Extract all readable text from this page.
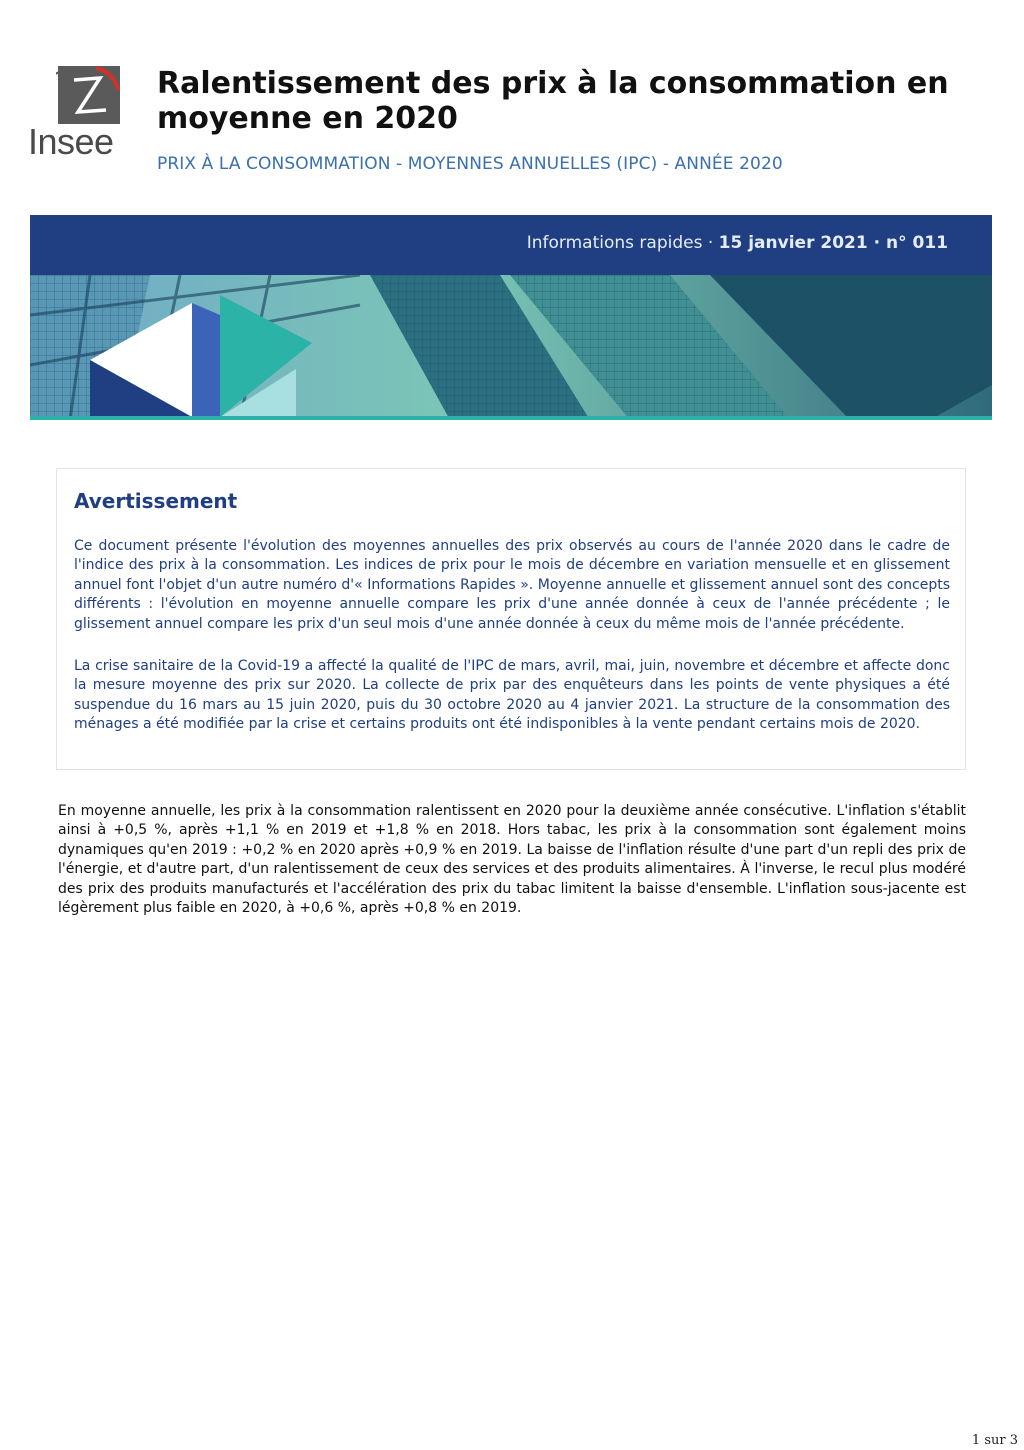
Insee
Ralentissement des prix à la consommation en moyenne en 2020
PRIX À LA CONSOMMATION - MOYENNES ANNUELLES (IPC) - ANNÉE 2020
Informations rapides · 15 janvier 2021 · n° 011
Avertissement

Ce document présente l'évolution des moyennes annuelles des prix observés au cours de l'année 2020 dans le cadre de l'indice des prix à la consommation. Les indices de prix pour le mois de décembre en variation mensuelle et en glissement annuel font l'objet d'un autre numéro d'« Informations Rapides ». Moyenne annuelle et glissement annuel sont des concepts différents : l'évolution en moyenne annuelle compare les prix d'une année donnée à ceux de l'année précédente ; le glissement annuel compare les prix d'un seul mois d'une année donnée à ceux du même mois de l'année précédente.

La crise sanitaire de la Covid-19 a affecté la qualité de l'IPC de mars, avril, mai, juin, novembre et décembre et affecte donc la mesure moyenne des prix sur 2020. La collecte de prix par des enquêteurs dans les points de vente physiques a été suspendue du 16 mars au 15 juin 2020, puis du 30 octobre 2020 au 4 janvier 2021. La structure de la consommation des ménages a été modifiée par la crise et certains produits ont été indisponibles à la vente pendant certains mois de 2020.

En moyenne annuelle, les prix à la consommation ralentissent en 2020 pour la deuxième année consécutive. L'inflation s'établit ainsi à +0,5 %, après +1,1 % en 2019 et +1,8 % en 2018. Hors tabac, les prix à la consommation sont également moins dynamiques qu'en 2019 : +0,2 % en 2020 après +0,9 % en 2019. La baisse de l'inflation résulte d'une part d'un repli des prix de l'énergie, et d'autre part, d'un ralentissement de ceux des services et des produits alimentaires. À l'inverse, le recul plus modéré des prix des produits manufacturés et l'accélération des prix du tabac limitent la baisse d'ensemble. L'inflation sous-jacente est légèrement plus faible en 2020, à +0,6 %, après +0,8 % en 2019.

1 sur 3
